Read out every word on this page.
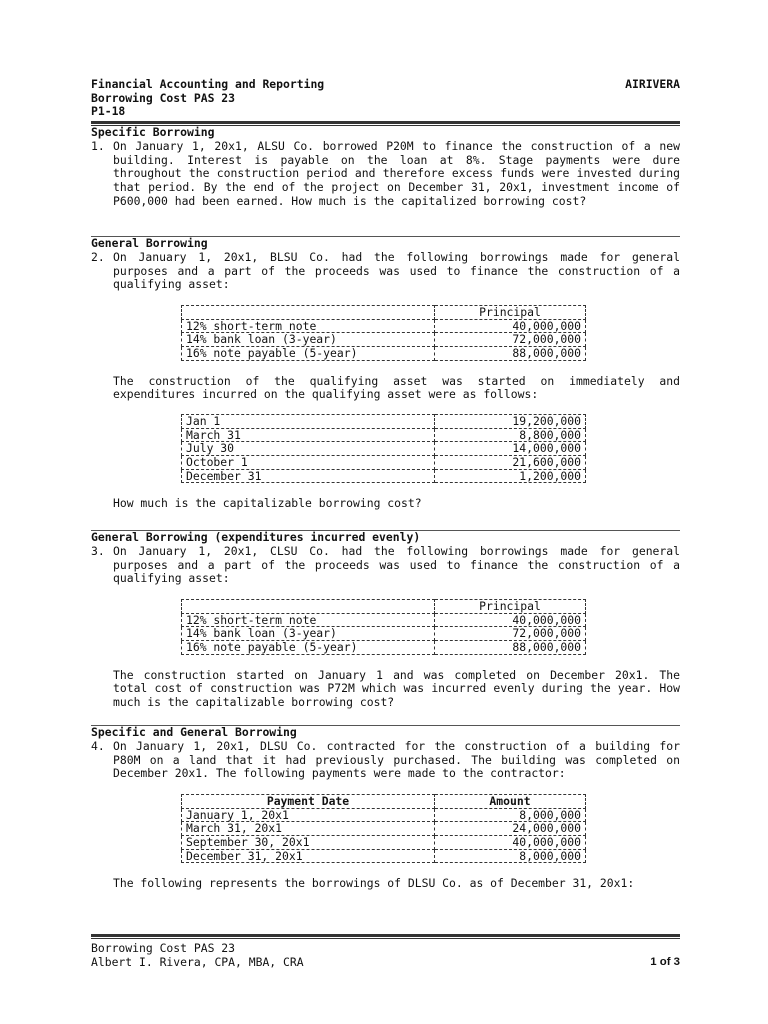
Financial Accounting and Reporting	AIRIVERA
Borrowing Cost PAS 23
P1-18
Specific Borrowing
1. On January 1, 20x1, ALSU Co. borrowed P20M to finance the construction of a new building. Interest is payable on the loan at 8%. Stage payments were dure throughout the construction period and therefore excess funds were invested during that period. By the end of the project on December 31, 20x1, investment income of P600,000 had been earned. How much is the capitalized borrowing cost?
General Borrowing
2. On January 1, 20x1, BLSU Co. had the following borrowings made for general purposes and a part of the proceeds was used to finance the construction of a qualifying asset:
	Principal
12% short-term note	40,000,000
14% bank loan (3-year)	72,000,000
16% note payable (5-year)	88,000,000
The construction of the qualifying asset was started on immediately and expenditures incurred on the qualifying asset were as follows:
Jan 1	19,200,000
March 31	8,800,000
July 30	14,000,000
October 1	21,600,000
December 31	1,200,000
How much is the capitalizable borrowing cost?
General Borrowing (expenditures incurred evenly)
3. On January 1, 20x1, CLSU Co. had the following borrowings made for general purposes and a part of the proceeds was used to finance the construction of a qualifying asset:
	Principal
12% short-term note	40,000,000
14% bank loan (3-year)	72,000,000
16% note payable (5-year)	88,000,000
The construction started on January 1 and was completed on December 20x1. The total cost of construction was P72M which was incurred evenly during the year. How much is the capitalizable borrowing cost?
Specific and General Borrowing
4. On January 1, 20x1, DLSU Co. contracted for the construction of a building for P80M on a land that it had previously purchased. The building was completed on December 20x1. The following payments were made to the contractor:
Payment Date	Amount
January 1, 20x1	8,000,000
March 31, 20x1	24,000,000
September 30, 20x1	40,000,000
December 31, 20x1	8,000,000
The following represents the borrowings of DLSU Co. as of December 31, 20x1:
Borrowing Cost PAS 23
Albert I. Rivera, CPA, MBA, CRA	1 of 3
